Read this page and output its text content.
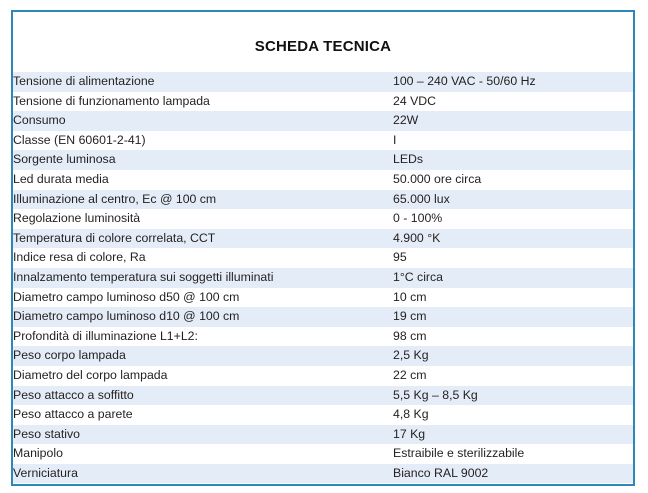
SCHEDA TECNICA
Tensione di alimentazione	100 – 240 VAC - 50/60 Hz
Tensione di funzionamento lampada	24 VDC
Consumo	22W
Classe (EN 60601-2-41)	I
Sorgente luminosa	LEDs
Led durata media	50.000 ore circa
Illuminazione al centro, Ec @ 100 cm	65.000 lux
Regolazione luminosità	0 - 100%
Temperatura di colore correlata, CCT	4.900 °K
Indice resa di colore, Ra	95
Innalzamento temperatura sui soggetti illuminati	1°C circa
Diametro campo luminoso d50 @ 100 cm	10 cm
Diametro campo luminoso d10 @ 100 cm	19 cm
Profondità di illuminazione L1+L2:	98 cm
Peso corpo lampada	2,5 Kg
Diametro del corpo lampada	22 cm
Peso attacco a soffitto	5,5 Kg – 8,5 Kg
Peso attacco a parete	4,8 Kg
Peso stativo	17 Kg
Manipolo	Estraibile e sterilizzabile
Verniciatura	Bianco RAL 9002
